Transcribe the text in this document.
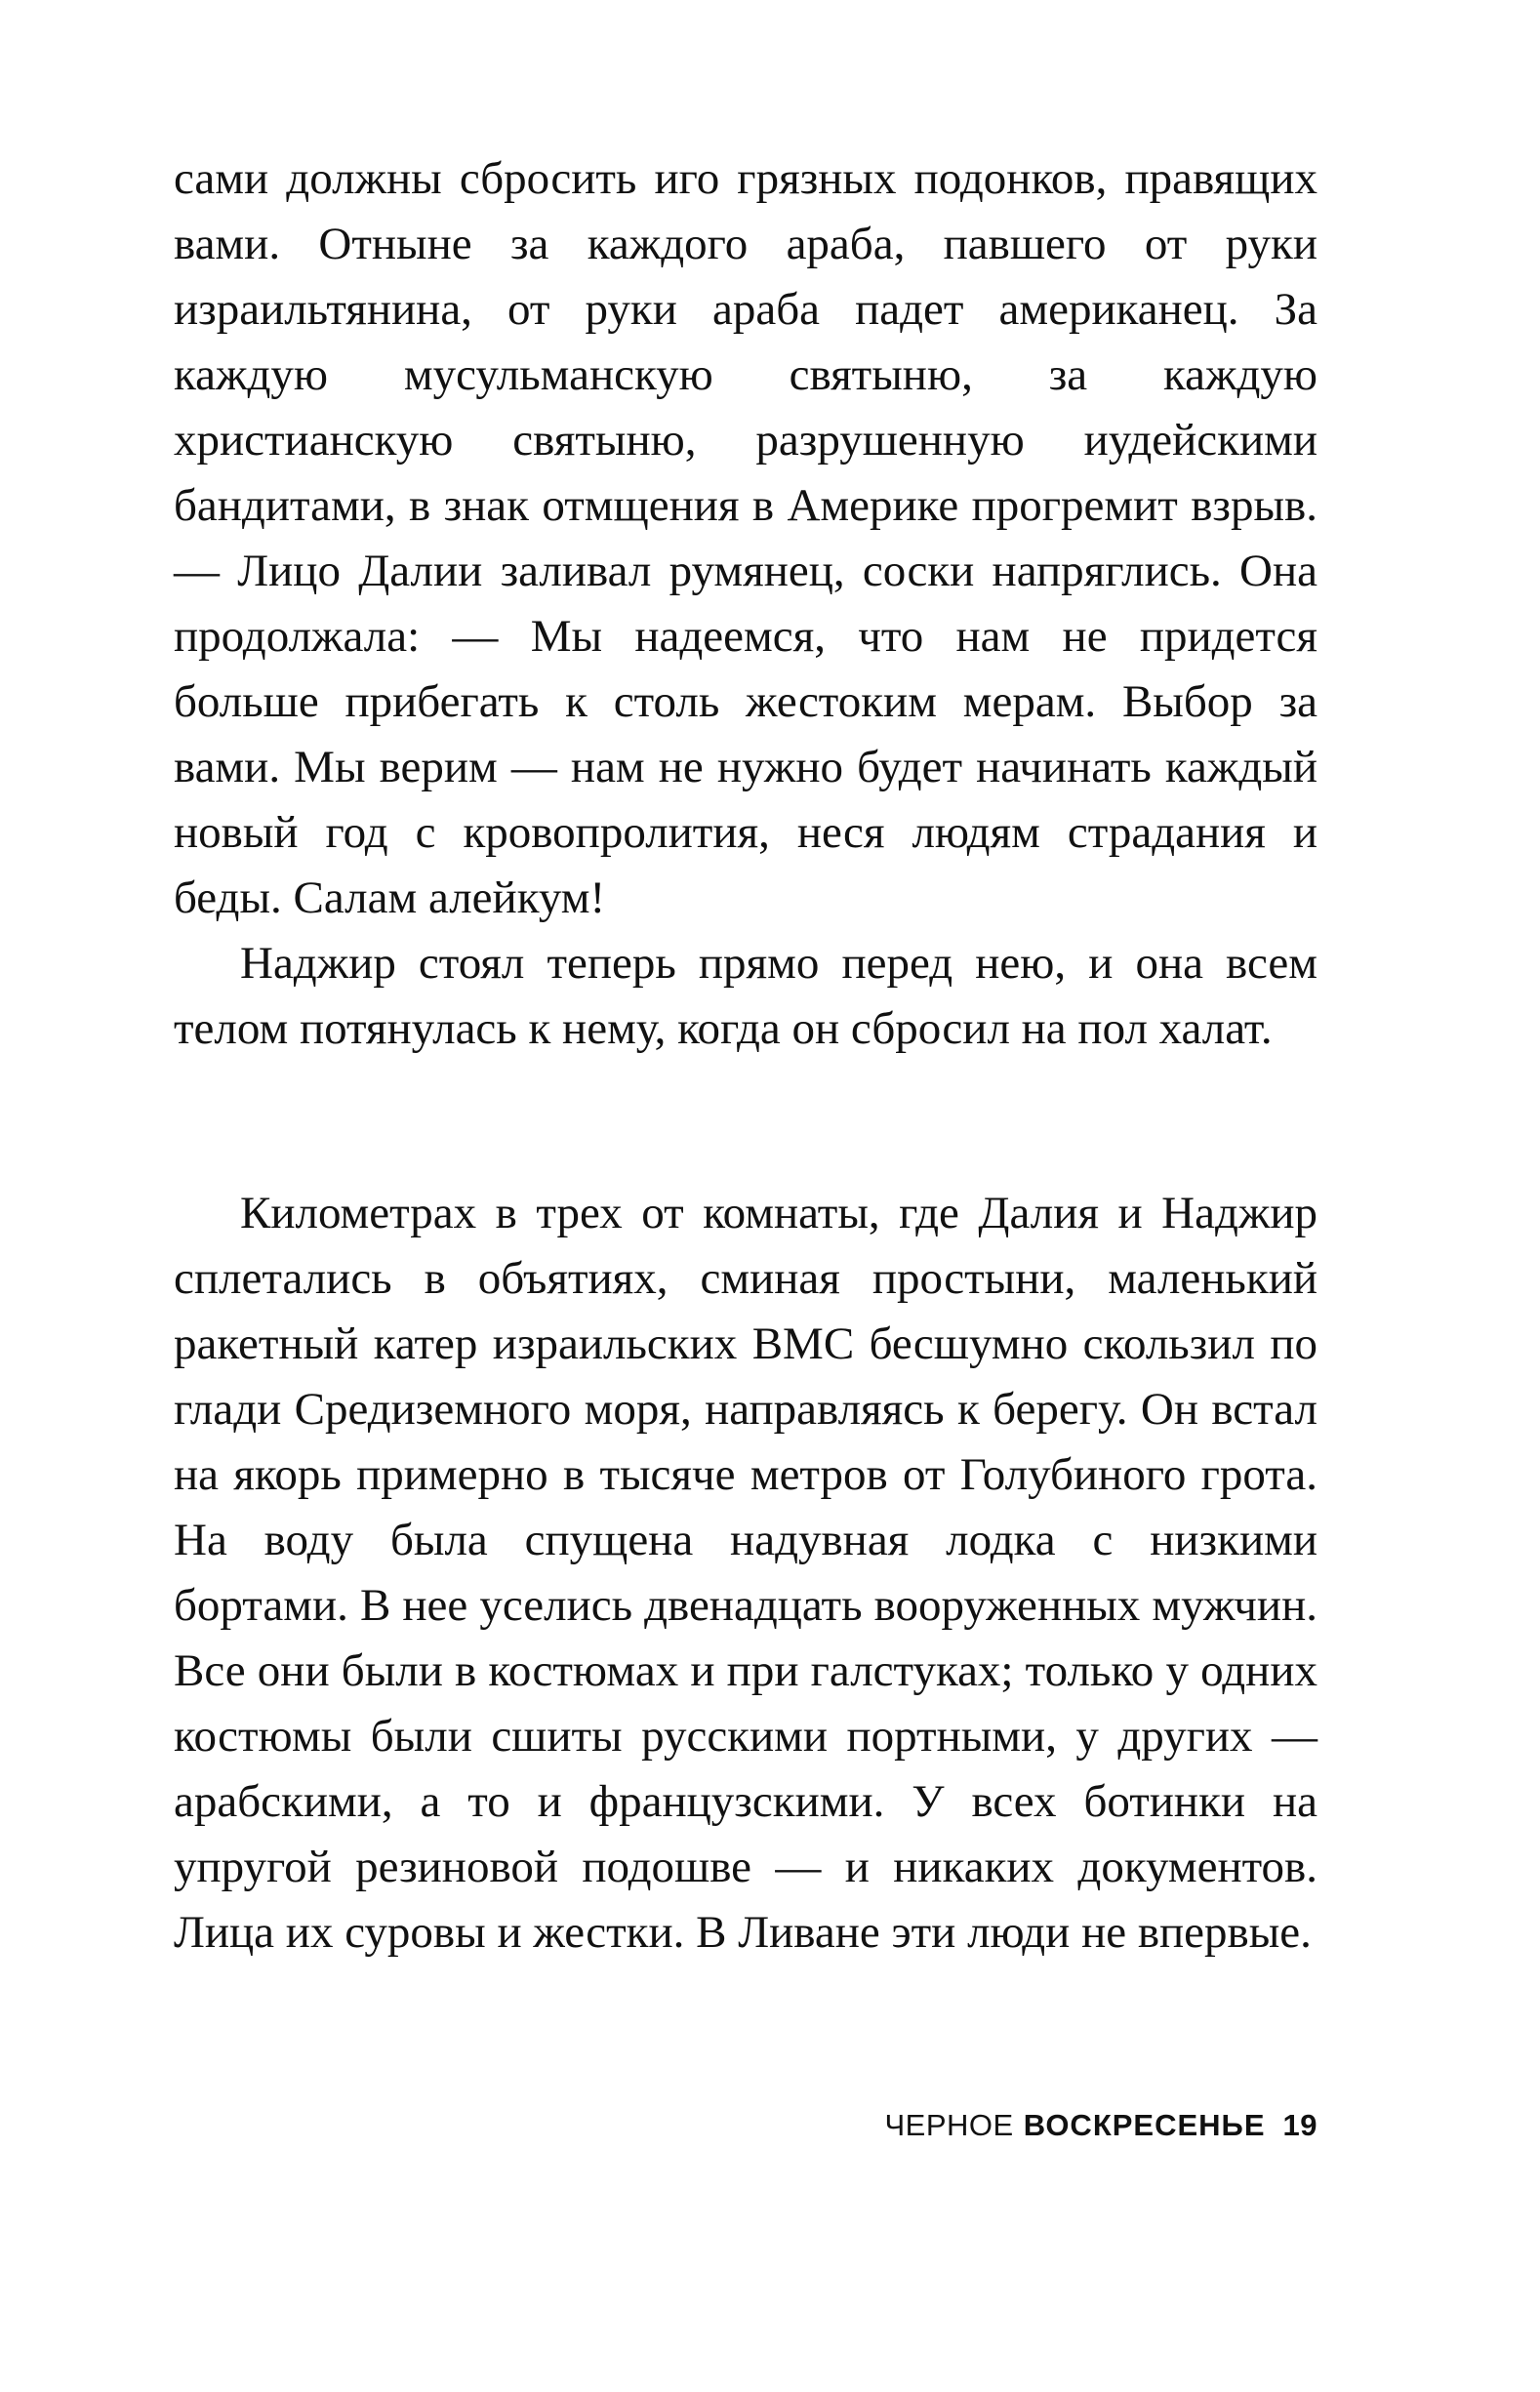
сами должны сбросить иго грязных подонков, правящих вами. Отныне за каждого араба, павшего от руки израильтянина, от руки араба падет американец. За каждую мусульманскую святыню, за каждую христианскую святыню, разрушенную иудейскими бандитами, в знак отмщения в Америке прогремит взрыв. — Лицо Далии заливал румянец, соски напряглись. Она продолжала: — Мы надеемся, что нам не придется больше прибегать к столь жестоким мерам. Выбор за вами. Мы верим — нам не нужно будет начинать каждый новый год с кровопролития, неся людям страдания и беды. Салам алейкум!

Наджир стоял теперь прямо перед нею, и она всем телом потянулась к нему, когда он сбросил на пол халат.

Километрах в трех от комнаты, где Далия и Наджир сплетались в объятиях, сминая простыни, маленький ракетный катер израильских ВМС бесшумно скользил по глади Средиземного моря, направляясь к берегу. Он встал на якорь примерно в тысяче метров от Голубиного грота. На воду была спущена надувная лодка с низкими бортами. В нее уселись двенадцать вооруженных мужчин. Все они были в костюмах и при галстуках; только у одних костюмы были сшиты русскими портными, у других — арабскими, а то и французскими. У всех ботинки на упругой резиновой подошве — и никаких документов. Лица их суровы и жестки. В Ливане эти люди не впервые.

ЧЕРНОЕ ВОСКРЕСЕНЬЕ 19
